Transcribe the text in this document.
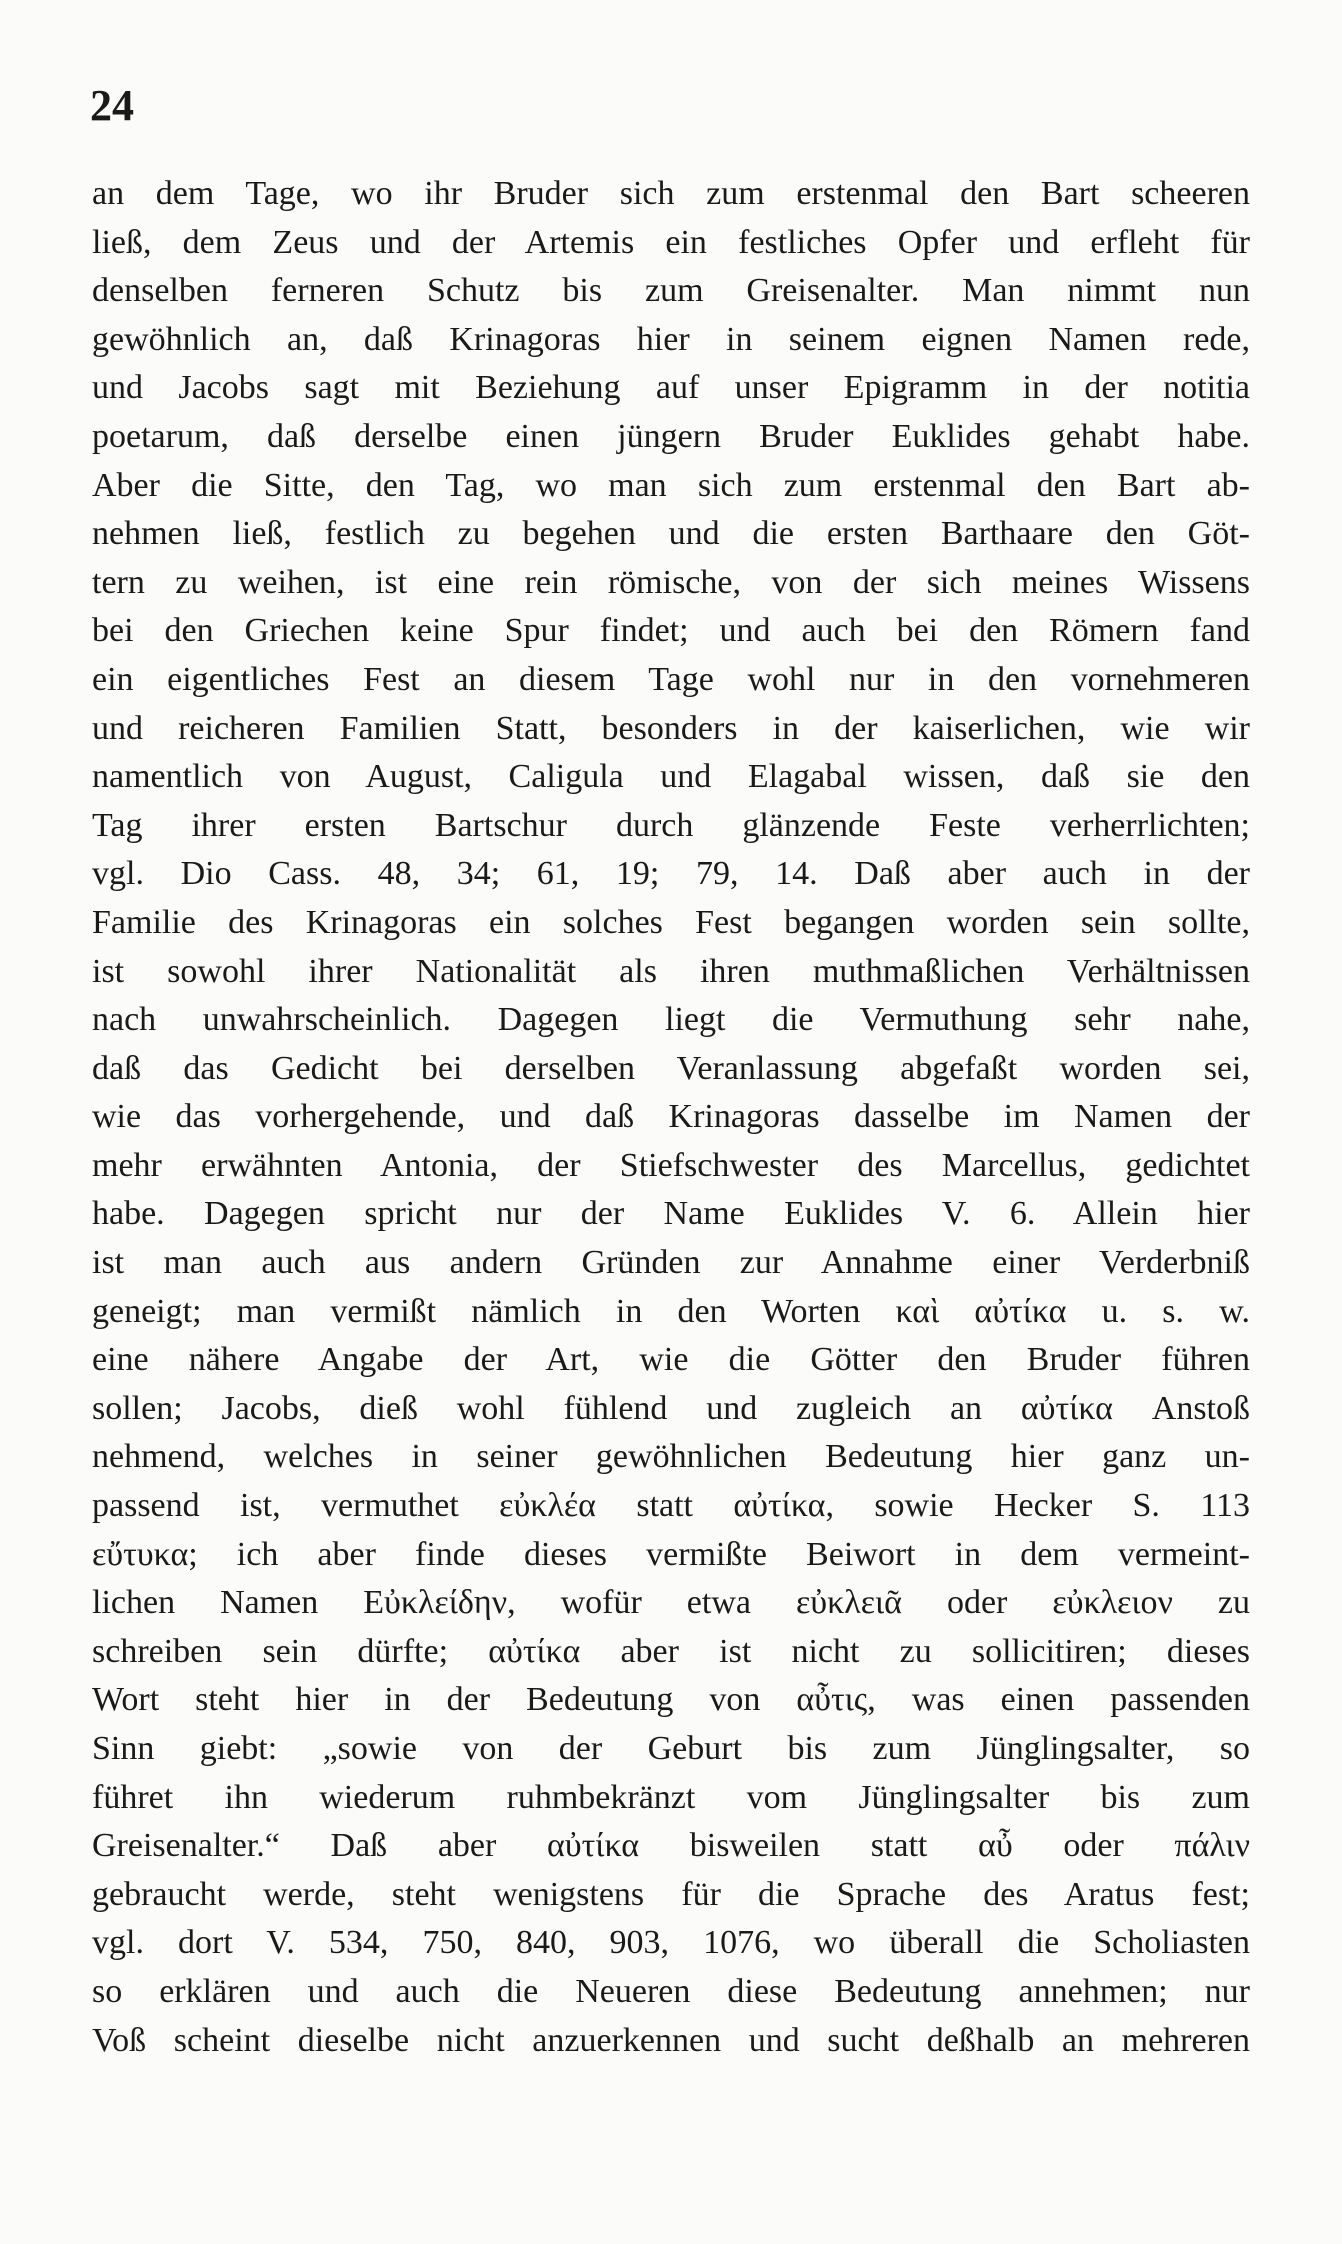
24
an dem Tage, wo ihr Bruder sich zum erstenmal den Bart scheeren
ließ, dem Zeus und der Artemis ein festliches Opfer und erfleht für
denselben ferneren Schutz bis zum Greisenalter. Man nimmt nun
gewöhnlich an, daß Krinagoras hier in seinem eignen Namen rede,
und Jacobs sagt mit Beziehung auf unser Epigramm in der notitia
poetarum, daß derselbe einen jüngern Bruder Euklides gehabt habe.
Aber die Sitte, den Tag, wo man sich zum erstenmal den Bart ab-
nehmen ließ, festlich zu begehen und die ersten Barthaare den Göt-
tern zu weihen, ist eine rein römische, von der sich meines Wissens
bei den Griechen keine Spur findet; und auch bei den Römern fand
ein eigentliches Fest an diesem Tage wohl nur in den vornehmeren
und reicheren Familien Statt, besonders in der kaiserlichen, wie wir
namentlich von August, Caligula und Elagabal wissen, daß sie den
Tag ihrer ersten Bartschur durch glänzende Feste verherrlichten;
vgl. Dio Cass. 48, 34; 61, 19; 79, 14. Daß aber auch in der
Familie des Krinagoras ein solches Fest begangen worden sein sollte,
ist sowohl ihrer Nationalität als ihren muthmaßlichen Verhältnissen
nach unwahrscheinlich. Dagegen liegt die Vermuthung sehr nahe,
daß das Gedicht bei derselben Veranlassung abgefaßt worden sei,
wie das vorhergehende, und daß Krinagoras dasselbe im Namen der
mehr erwähnten Antonia, der Stiefschwester des Marcellus, gedichtet
habe. Dagegen spricht nur der Name Euklides V. 6. Allein hier
ist man auch aus andern Gründen zur Annahme einer Verderbniß
geneigt; man vermißt nämlich in den Worten καὶ αὐτίκα u. s. w.
eine nähere Angabe der Art, wie die Götter den Bruder führen
sollen; Jacobs, dieß wohl fühlend und zugleich an αὐτίκα Anstoß
nehmend, welches in seiner gewöhnlichen Bedeutung hier ganz un-
passend ist, vermuthet εὐκλέα statt αὐτίκα, sowie Hecker S. 113
εὔτυκα; ich aber finde dieses vermißte Beiwort in dem vermeint-
lichen Namen Εὐκλείδην, wofür etwa εὐκλειᾶ oder εὐκλειον zu
schreiben sein dürfte; αὐτίκα aber ist nicht zu sollicitiren; dieses
Wort steht hier in der Bedeutung von αὖτις, was einen passenden
Sinn giebt: „sowie von der Geburt bis zum Jünglingsalter, so
führet ihn wiederum ruhmbekränzt vom Jünglingsalter bis zum
Greisenalter.“ Daß aber αὐτίκα bisweilen statt αὖ oder πάλιν
gebraucht werde, steht wenigstens für die Sprache des Aratus fest;
vgl. dort V. 534, 750, 840, 903, 1076, wo überall die Scholiasten
so erklären und auch die Neueren diese Bedeutung annehmen; nur
Voß scheint dieselbe nicht anzuerkennen und sucht deßhalb an mehreren
